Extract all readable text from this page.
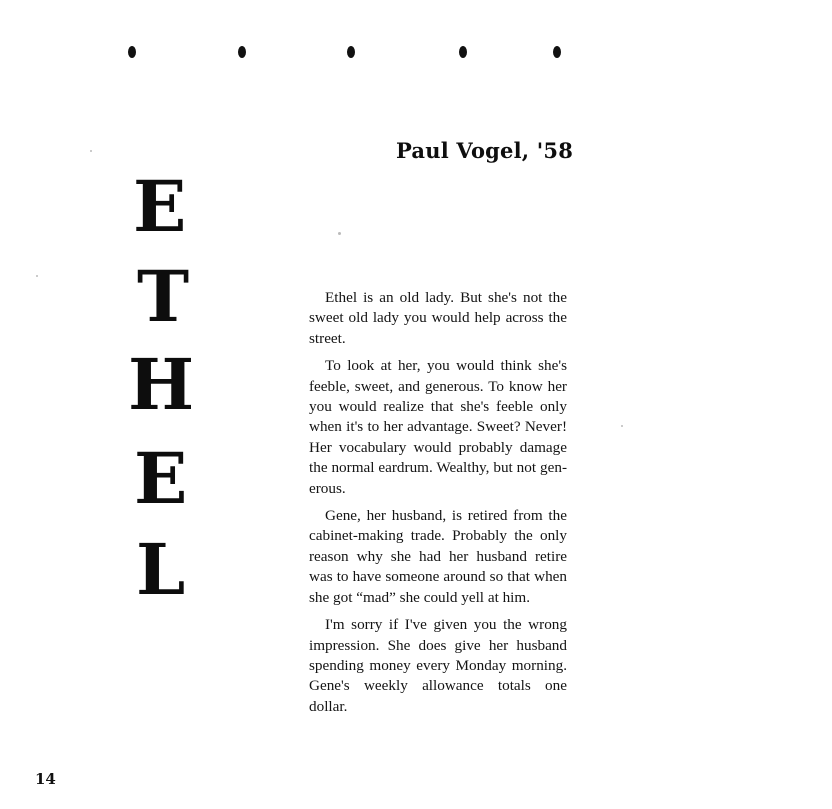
Paul Vogel, '58
E
T
H
E
L

Ethel is an old lady. But she's not the sweet old lady you would help across the street.

To look at her, you would think she's feeble, sweet, and generous. To know her you would realize that she's feeble only when it's to her advantage. Sweet? Never! Her vocabulary would probably damage the normal eardrum. Wealthy, but not generous.

Gene, her husband, is retired from the cabinet-making trade. Probably the only reason why she had her husband retire was to have someone around so that when she got “mad” she could yell at him.

I'm sorry if I've given you the wrong impression. She does give her husband spending money every Monday morning. Gene's weekly allowance totals one dollar.

14
